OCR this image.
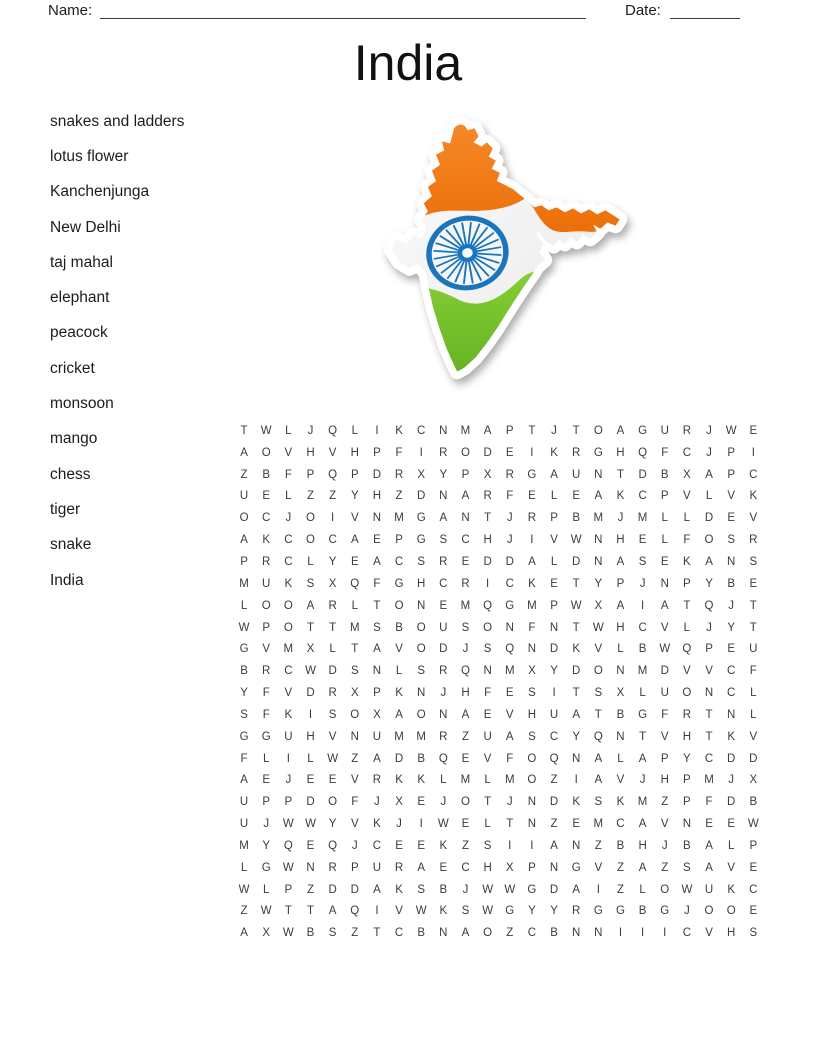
Name:	Date:
India
snakes and ladders
lotus flower
Kanchenjunga
New Delhi
taj mahal
elephant
peacock
cricket
monsoon
mango
chess
tiger
snake
India
T	W	L	J	Q	L	I	K	C	N	M	A	P	T	J	T	O	A	G	U	R	J	W	E
A	O	V	H	V	H	P	F	I	R	O	D	E	I	K	R	G	H	Q	F	C	J	P	I
Z	B	F	P	Q	P	D	R	X	Y	P	X	R	G	A	U	N	T	D	B	X	A	P	C
U	E	L	Z	Z	Y	H	Z	D	N	A	R	F	E	L	E	A	K	C	P	V	L	V	K
O	C	J	O	I	V	N	M	G	A	N	T	J	R	P	B	M	J	M	L	L	D	E	V
A	K	C	O	C	A	E	P	G	S	C	H	J	I	V	W	N	H	E	L	F	O	S	R
P	R	C	L	Y	E	A	C	S	R	E	D	D	A	L	D	N	A	S	E	K	A	N	S
M	U	K	S	X	Q	F	G	H	C	R	I	C	K	E	T	Y	P	J	N	P	Y	B	E
L	O	O	A	R	L	T	O	N	E	M	Q	G	M	P	W	X	A	I	A	T	Q	J	T
W	P	O	T	T	M	S	B	O	U	S	O	N	F	N	T	W	H	C	V	L	J	Y	T
G	V	M	X	L	T	A	V	O	D	J	S	Q	N	D	K	V	L	B	W	Q	P	E	U
B	R	C	W	D	S	N	L	S	R	Q	N	M	X	Y	D	O	N	M	D	V	V	C	F
Y	F	V	D	R	X	P	K	N	J	H	F	E	S	I	T	S	X	L	U	O	N	C	L
S	F	K	I	S	O	X	A	O	N	A	E	V	H	U	A	T	B	G	F	R	T	N	L
G	G	U	H	V	N	U	M	M	R	Z	U	A	S	C	Y	Q	N	T	V	H	T	K	V
F	L	I	L	W	Z	A	D	B	Q	E	V	F	O	Q	N	A	L	A	P	Y	C	D	D
A	E	J	E	E	V	R	K	K	L	M	L	M	O	Z	I	A	V	J	H	P	M	J	X
U	P	P	D	O	F	J	X	E	J	O	T	J	N	D	K	S	K	M	Z	P	F	D	B
U	J	W W	Y	V	K	J	I	W	E	L	T	N	Z	E	M	C	A	V	N	E	E	W
M	Y	Q	E	Q	J	C	E	E	K	Z	S	I	I	A	N	Z	B	H	J	B	A	L	P
L	G	W	N	R	P	U	R	A	E	C	H	X	P	N	G	V	Z	A	Z	S	A	V	E
W	L	P	Z	D	D	A	K	S	B	J	W W	G	D	A	I	Z	L	O	W	U	K	C
Z	W	T	T	A	Q	I	V	W	K	S	W	G	Y	Y	R	G	G	B	G	J	O	O	E
A	X	W	B	S	Z	T	C	B	N	A	O	Z	C	B	N	N	I	I	I	C	V	H	S
